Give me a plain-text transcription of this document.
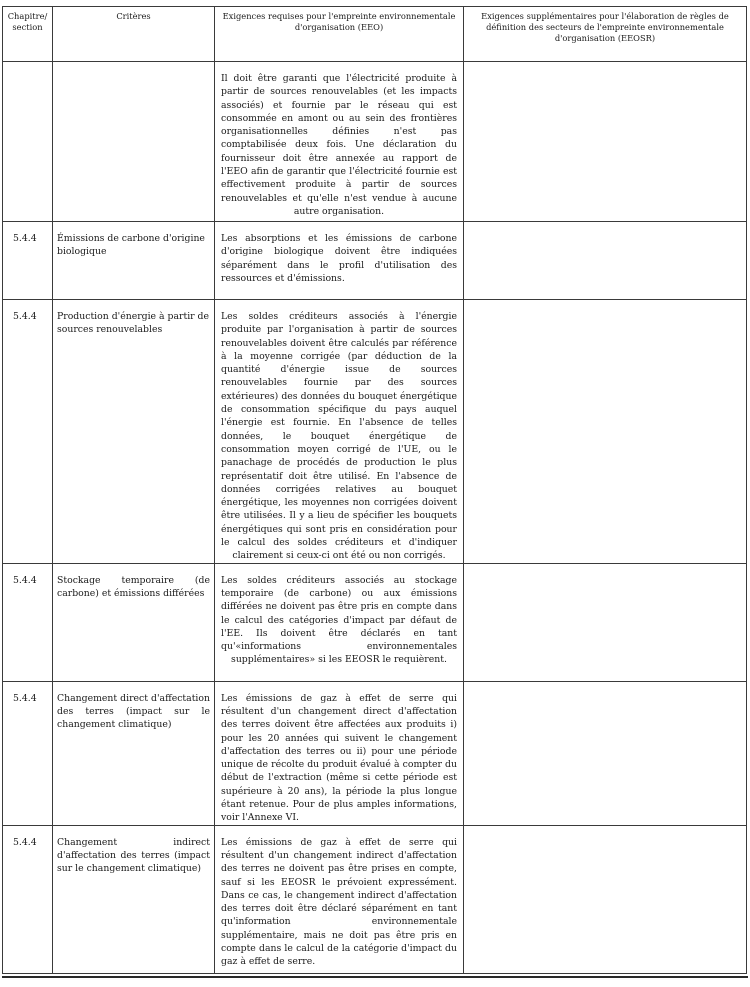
Chapitre/ section	Critères	Exigences requises pour l'empreinte environnementale d'organisation (EEO)	Exigences supplémentaires pour l'élaboration de règles de définition des secteurs de l'empreinte environnementale d'organisation (EEOSR)

		Il doit être garanti que l'électricité produite à partir de sources renouvelables (et les impacts associés) et fournie par le réseau qui est consommée en amont ou au sein des frontières organisationnelles définies n'est pas comptabilisée deux fois. Une déclaration du fournisseur doit être annexée au rapport de l'EEO afin de garantir que l'électricité fournie est effectivement produite à partir de sources renouvelables et qu'elle n'est vendue à aucune autre organisation.	

5.4.4	Émissions de carbone d'origine biologique	Les absorptions et les émissions de carbone d'origine biologique doivent être indiquées séparément dans le profil d'utilisation des ressources et d'émissions.	

5.4.4	Production d'énergie à partir de sources renouvelables	Les soldes créditeurs associés à l'énergie produite par l'organisation à partir de sources renouvelables doivent être calculés par référence à la moyenne corrigée (par déduction de la quantité d'énergie issue de sources renouvelables fournie par des sources extérieures) des données du bouquet énergétique de consommation spécifique du pays auquel l'énergie est fournie. En l'absence de telles données, le bouquet énergétique de consommation moyen corrigé de l'UE, ou le panachage de procédés de production le plus représentatif doit être utilisé. En l'absence de données corrigées relatives au bouquet énergétique, les moyennes non corrigées doivent être utilisées. Il y a lieu de spécifier les bouquets énergétiques qui sont pris en considération pour le calcul des soldes créditeurs et d'indiquer clairement si ceux-ci ont été ou non corrigés.	

5.4.4	Stockage temporaire (de carbone) et émissions différées	Les soldes créditeurs associés au stockage temporaire (de carbone) ou aux émissions différées ne doivent pas être pris en compte dans le calcul des catégories d'impact par défaut de l'EE. Ils doivent être déclarés en tant qu'«informations environnementales supplémentaires» si les EEOSR le requièrent.	

5.4.4	Changement direct d'affectation des terres (impact sur le changement climatique)	Les émissions de gaz à effet de serre qui résultent d'un changement direct d'affectation des terres doivent être affectées aux produits i) pour les 20 années qui suivent le changement d'affectation des terres ou ii) pour une période unique de récolte du produit évalué à compter du début de l'extraction (même si cette période est supérieure à 20 ans), la période la plus longue étant retenue. Pour de plus amples informations, voir l'Annexe VI.	

5.4.4	Changement indirect d'affectation des terres (impact sur le changement climatique)	Les émissions de gaz à effet de serre qui résultent d'un changement indirect d'affectation des terres ne doivent pas être prises en compte, sauf si les EEOSR le prévoient expressément. Dans ce cas, le changement indirect d'affectation des terres doit être déclaré séparément en tant qu'information environnementale supplémentaire, mais ne doit pas être pris en compte dans le calcul de la catégorie d'impact du gaz à effet de serre.	
